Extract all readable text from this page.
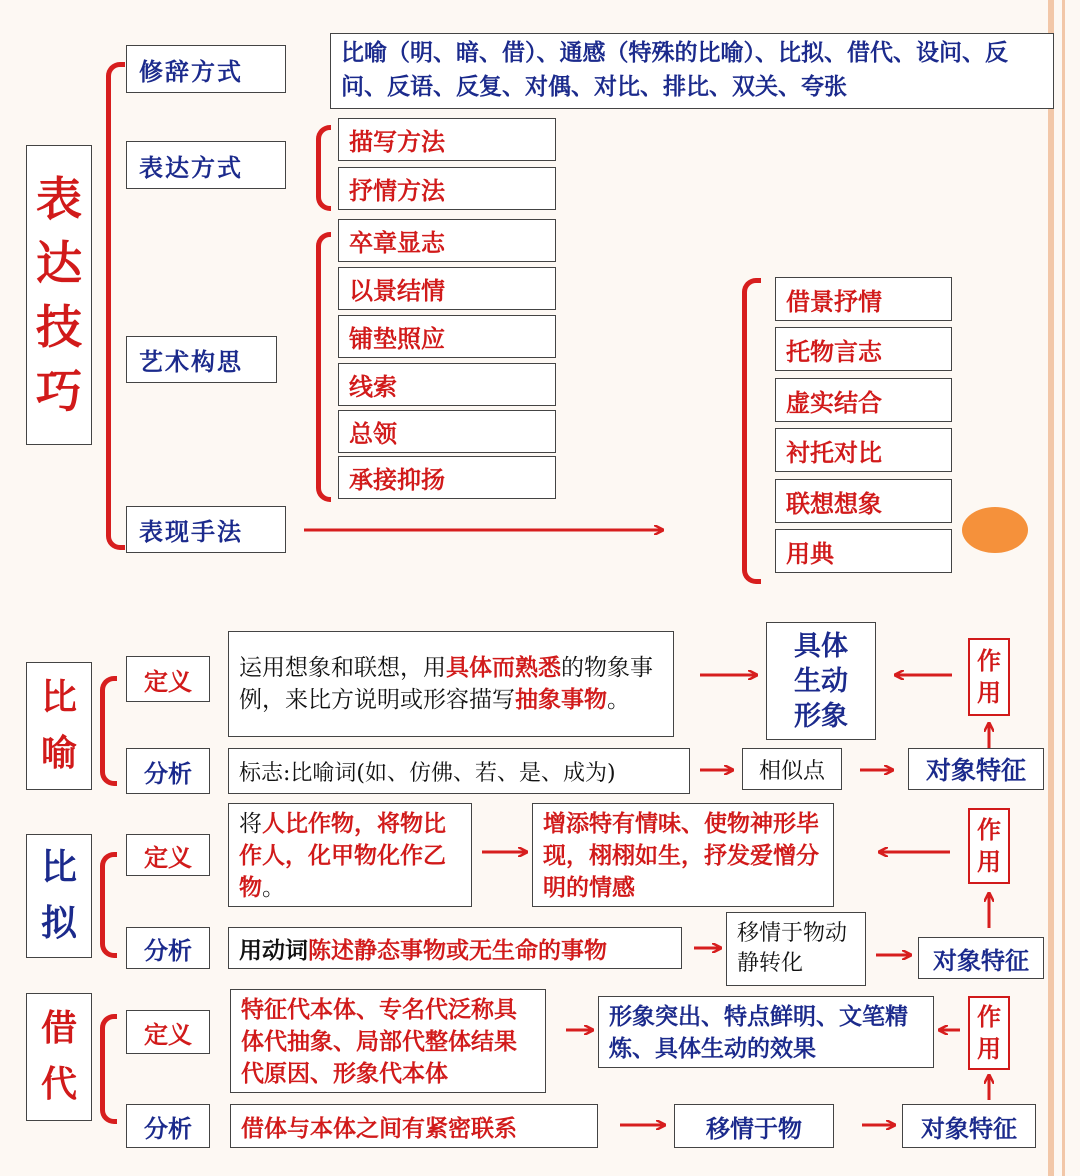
表达技巧
修辞方式
表达方式
艺术构思
表现手法
比喻（明、暗、借）、通感（特殊的比喻）、比拟、借代、设问、反问、反语、反复、对偶、对比、排比、双关、夸张
描写方法
抒情方法
卒章显志
以景结情
铺垫照应
线索
总领
承接抑扬
借景抒情
托物言志
虚实结合
衬托对比
联想想象
用典
比
喻
定义	运用想象和联想，用具体而熟悉的物象事例，来比方说明或形容描写抽象事物。
具体
生动
形象
作用
分析	标志:比喻词(如、仿佛、若、是、成为)	相似点	对象特征
比
拟
定义
将人比作物，将物比作人，化甲物化作乙物。
增添特有情味、使物神形毕现，栩栩如生，抒发爱憎分明的情感
作用
分析	用动词 陈述静态事物或无生命的事物
移情于物动静转化	对象特征
借
代
定义
特征代本体、专名代泛称具体代抽象、局部代整体结果代原因、形象代本体
形象突出、特点鲜明、文笔精炼、具体生动的效果
作用
分析	借体与本体之间有紧密联系	移情于物	对象特征
